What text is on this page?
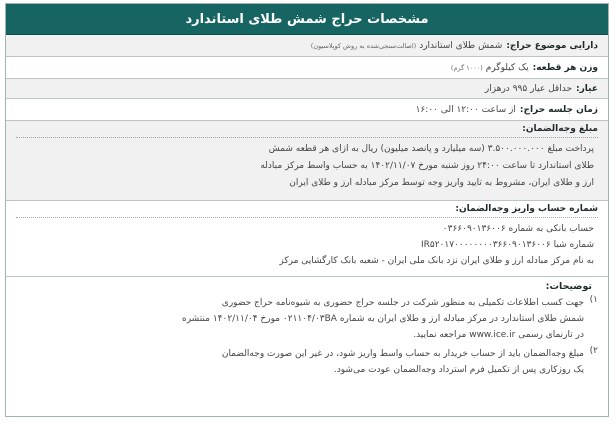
مشخصات حراج شمش طلای استاندارد
دارایی موضوع حراج:
شمش طلای استاندارد
(اصالت‌سنجی‌شده به روش کوپلاسیون)
وزن هر قطعه:
یک کیلوگرم
(۱۰۰۰ گرم)
عیار:
حداقل عیار ۹۹۵ درهزار
زمان جلسه حراج:
از ساعت ۱۲:۰۰ الی ۱۶:۰۰
مبلغ وجه‌الضمان:
پرداخت مبلغ ۳.۵۰۰.۰۰۰.۰۰۰ (سه میلیارد و پانصد میلیون) ریال به ازای هر قطعه شمش
طلای استاندارد تا ساعت ۲۴:۰۰ روز شنبه مورخ ۱۴۰۲/۱۱/۰۷ به حساب واسط مرکز مبادله
ارز و طلای ایران، مشروط به تایید واریز وجه توسط مرکز مبادله ارز و طلای ایران
شماره حساب واریز وجه‌الضمان:
حساب بانکی به شماره ۰۳۶۶۰۹۰۱۳۶۰۰۶
شماره شبا IR۵۲۰۱۷۰۰۰۰۰۰۰۰۳۶۶۰۹۰۱۳۶۰۰۶
به نام مرکز مبادله ارز و طلای ایران نزد بانک ملی ایران - شعبه بانک کارگشایی مرکز
توضیحات:
۱)
جهت کسب اطلاعات تکمیلی به منظور شرکت در جلسه حراج حضوری به شیوه‌نامه حراج حضوری
شمش طلای استاندارد در مرکز مبادله ارز و طلای ایران به شماره ۰۲۱۱۰۴/۰۳BA مورخ ۱۴۰۲/۱۱/۰۴ منتشره
در تارنمای رسمی www.ice.ir مراجعه نمایید.
۲)
مبلغ وجه‌الضمان باید از حساب خریدار به حساب واسط واریز شود، در غیر این صورت وجه‌الضمان
یک روزکاری پس از تکمیل فرم استرداد وجه‌الضمان عودت می‌شود.
